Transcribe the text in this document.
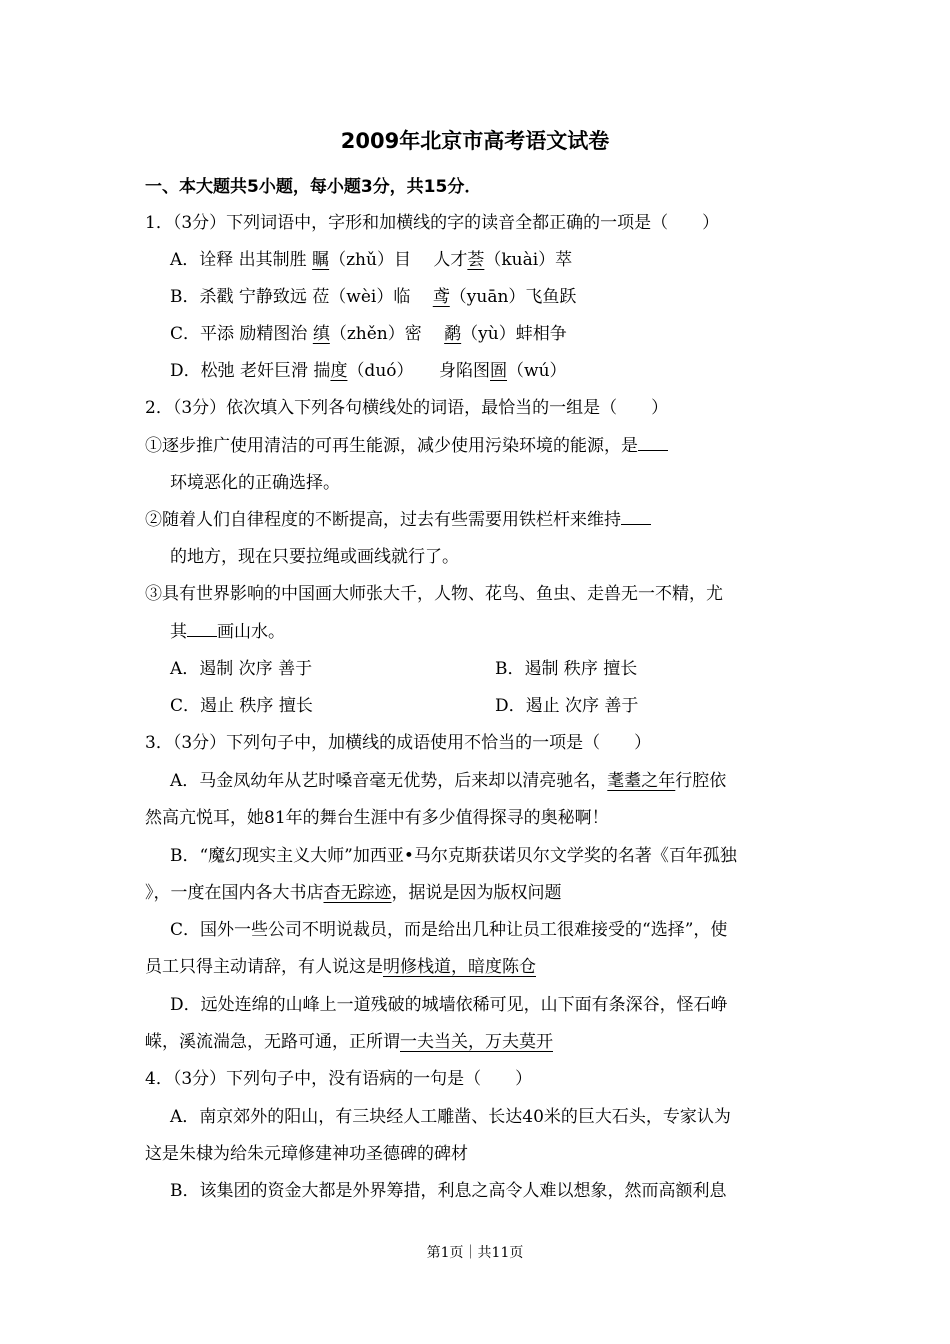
2009年北京市高考语文试卷
一、本大题共5小题，每小题3分，共15分．
1．（3分）下列词语中，字形和加横线的字的读音全都正确的一项是（　　）
A．诠释 出其制胜 瞩（zhǔ）目　 人才荟（kuài）萃
B．杀戳 宁静致远 莅（wèi）临　 鸢（yuān）飞鱼跃
C．平添 励精图治 缜（zhěn）密　 鹬（yù）蚌相争
D．松弛 老奸巨滑 揣度（duó）　　身陷图圄（wú）
2．（3分）依次填入下列各句横线处的词语，最恰当的一组是（　　）
①逐步推广使用清洁的可再生能源，减少使用污染环境的能源，是
环境恶化的正确选择。
②随着人们自律程度的不断提高，过去有些需要用铁栏杆来维持
的地方，现在只要拉绳或画线就行了。
③具有世界影响的中国画大师张大千，人物、花鸟、鱼虫、走兽无一不精，尤
其 画山水。
A．遏制 次序 善于	B．遏制 秩序 擅长
C．遏止 秩序 擅长	D．遏止 次序 善于
3．（3分）下列句子中，加横线的成语使用不恰当的一项是（　　）
A．马金凤幼年从艺时嗓音毫无优势，后来却以清亮驰名，耄耋之年行腔依
然高亢悦耳，她81年的舞台生涯中有多少值得探寻的奥秘啊！
B．“魔幻现实主义大师”加西亚•马尔克斯获诺贝尔文学奖的名著《百年孤独
》，一度在国内各大书店杳无踪迹，据说是因为版权问题
C．国外一些公司不明说裁员，而是给出几种让员工很难接受的“选择”，使
员工只得主动请辞，有人说这是明修栈道，暗度陈仓
D．远处连绵的山峰上一道残破的城墙依稀可见，山下面有条深谷，怪石峥
嵘，溪流湍急，无路可通，正所谓一夫当关，万夫莫开
4．（3分）下列句子中，没有语病的一句是（　　）
A．南京郊外的阳山，有三块经人工雕凿、长达40米的巨大石头，专家认为
这是朱棣为给朱元璋修建神功圣德碑的碑材
B．该集团的资金大都是外界筹措，利息之高令人难以想象，然而高额利息
第1页｜共11页
